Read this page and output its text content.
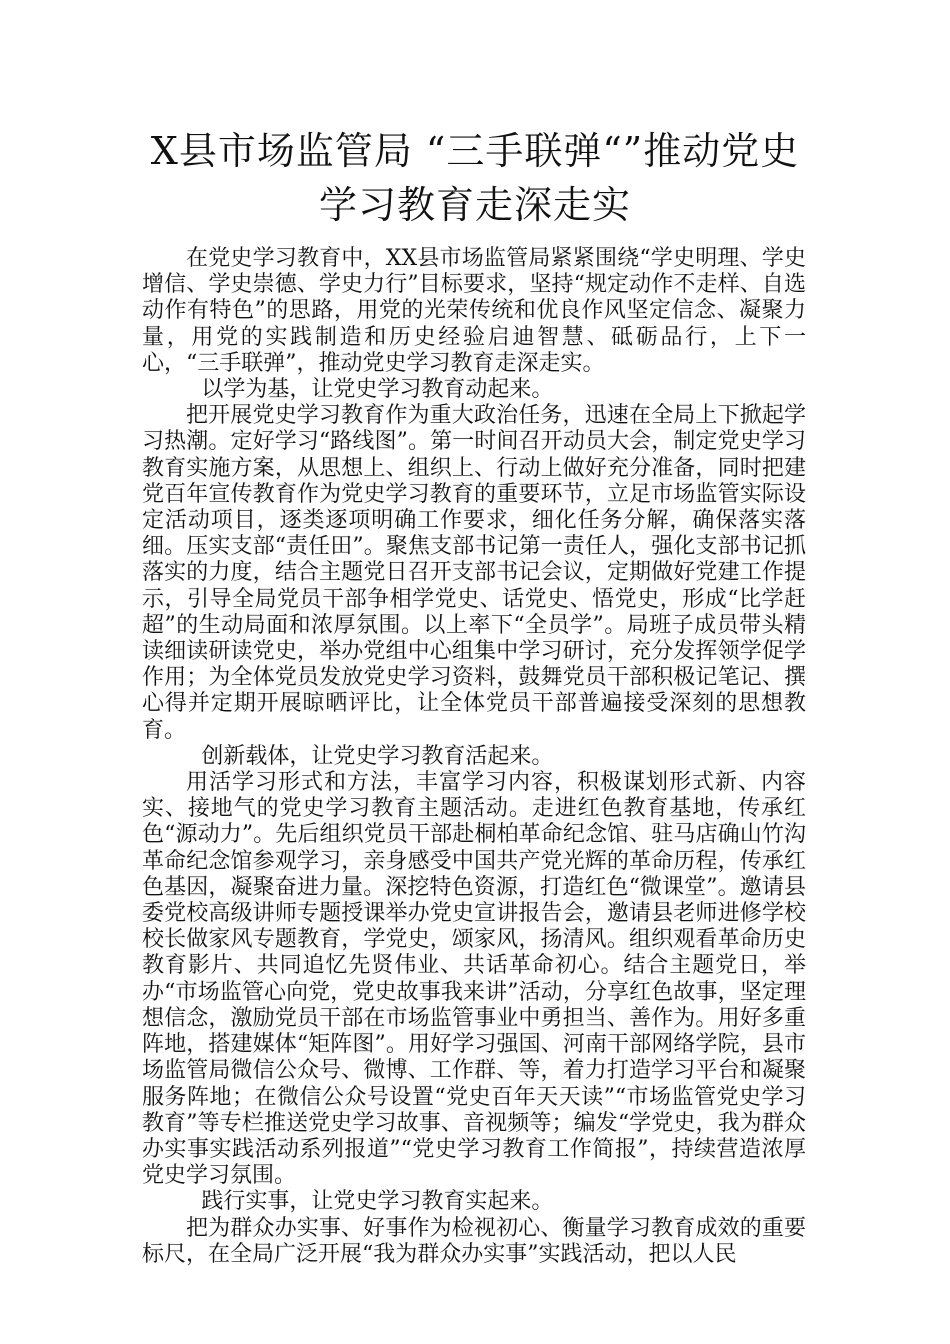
X县市场监管局 “三手联弹“”推动党史
学习教育走深走实

在党史学习教育中，XX县市场监管局紧紧围绕“学史明理、学史增信、学史崇德、学史力行”目标要求，坚持“规定动作不走样、自选动作有特色”的思路，用党的光荣传统和优良作风坚定信念、凝聚力量，用党的实践制造和历史经验启迪智慧、砥砺品行，上下一心，“三手联弹”，推动党史学习教育走深走实。

以学为基，让党史学习教育动起来。

把开展党史学习教育作为重大政治任务，迅速在全局上下掀起学习热潮。定好学习“路线图”。第一时间召开动员大会，制定党史学习教育实施方案，从思想上、组织上、行动上做好充分准备，同时把建党百年宣传教育作为党史学习教育的重要环节，立足市场监管实际设定活动项目，逐类逐项明确工作要求，细化任务分解，确保落实落细。压实支部“责任田”。聚焦支部书记第一责任人，强化支部书记抓落实的力度，结合主题党日召开支部书记会议，定期做好党建工作提示，引导全局党员干部争相学党史、话党史、悟党史，形成“比学赶超”的生动局面和浓厚氛围。以上率下“全员学”。局班子成员带头精读细读研读党史，举办党组中心组集中学习研讨，充分发挥领学促学作用；为全体党员发放党史学习资料，鼓舞党员干部积极记笔记、撰心得并定期开展晾晒评比，让全体党员干部普遍接受深刻的思想教育。

创新载体，让党史学习教育活起来。

用活学习形式和方法，丰富学习内容，积极谋划形式新、内容实、接地气的党史学习教育主题活动。走进红色教育基地，传承红色“源动力”。先后组织党员干部赴桐柏革命纪念馆、驻马店确山竹沟革命纪念馆参观学习，亲身感受中国共产党光辉的革命历程，传承红色基因，凝聚奋进力量。深挖特色资源，打造红色“微课堂”。邀请县委党校高级讲师专题授课举办党史宣讲报告会，邀请县老师进修学校校长做家风专题教育，学党史，颂家风，扬清风。组织观看革命历史教育影片、共同追忆先贤伟业、共话革命初心。结合主题党日，举办“市场监管心向党，党史故事我来讲”活动，分享红色故事，坚定理想信念，激励党员干部在市场监管事业中勇担当、善作为。用好多重阵地，搭建媒体“矩阵图”。用好学习强国、河南干部网络学院，县市场监管局微信公众号、微博、工作群、等，着力打造学习平台和凝聚服务阵地；在微信公众号设置“党史百年天天读”“市场监管党史学习教育”等专栏推送党史学习故事、音视频等；编发“学党史，我为群众办实事实践活动系列报道”“党史学习教育工作简报”，持续营造浓厚党史学习氛围。

践行实事，让党史学习教育实起来。

把为群众办实事、好事作为检视初心、衡量学习教育成效的重要标尺，在全局广泛开展“我为群众办实事”实践活动，把以人民
